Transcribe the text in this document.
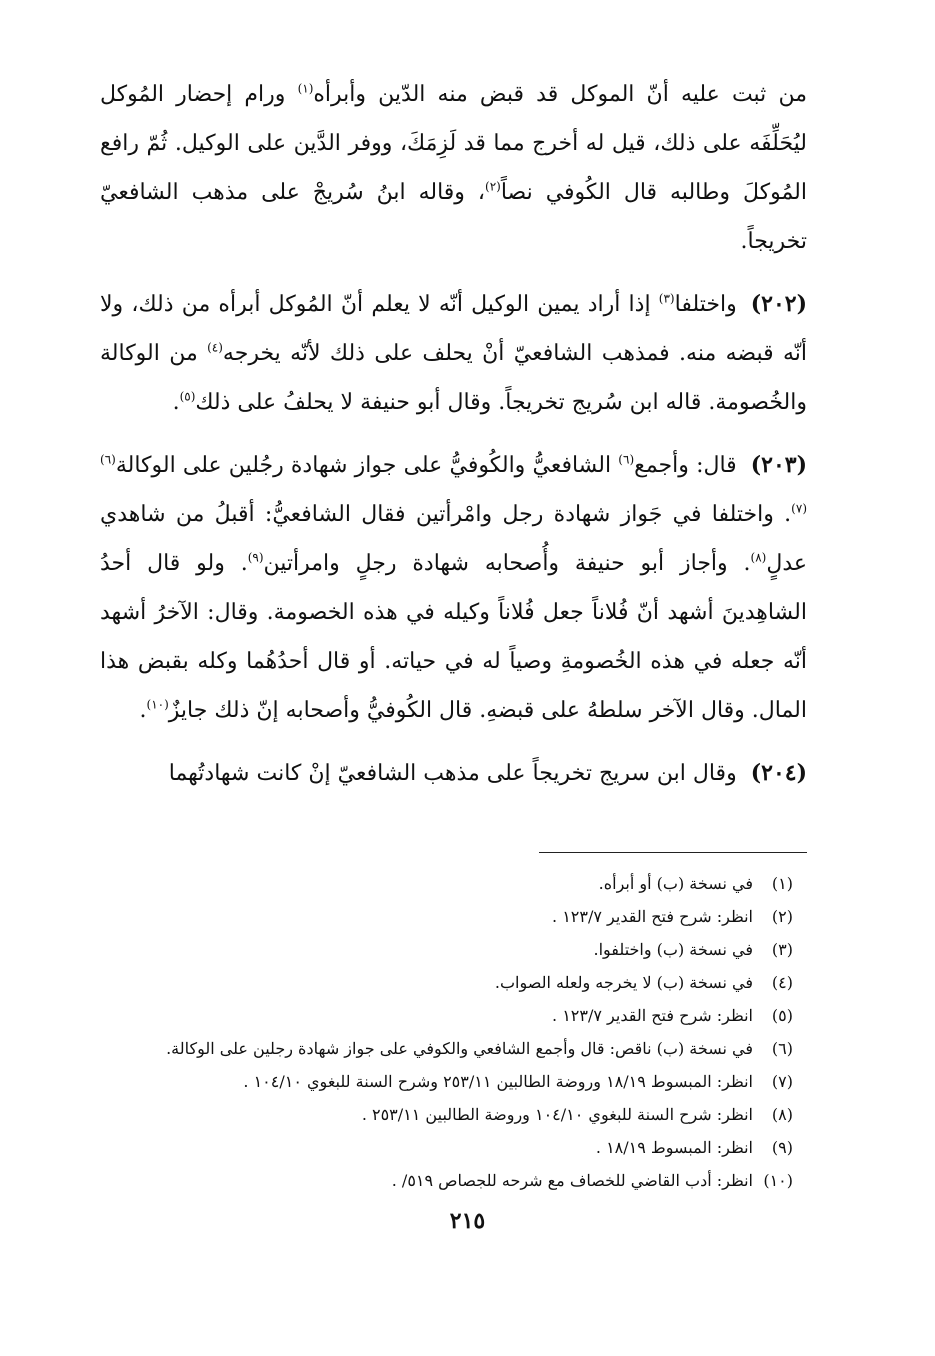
من ثبت عليه أنّ الموكل قد قبض منه الدّين وأبرأه$^{(١)}$ ورام إحضار المُوكل ليُحَلِّفَه على ذلك، قيل له أخرج مما قد لَزِمَكَ، ووفر الدَّين على الوكيل. ثُمّ رافع المُوكلَ وطالبه قال الكُوفي نصاً$^{(٢)}$، وقاله ابنُ سُريجْ على مذهب الشافعيّ تخريجاً.

(٢٠٢)واختلفا$^{(٣)}$ إذا أراد يمين الوكيل أنّه لا يعلم أنّ المُوكل أبرأه من ذلك، ولا أنّه قبضه منه. فمذهب الشافعيّ أنْ يحلف على ذلك لأنّه يخرجه$^{(٤)}$ من الوكالة والخُصومة. قاله ابن سُريج تخريجاً. وقال أبو حنيفة لا يحلفُ على ذلك$^{(٥)}$.

(٢٠٣)قال: وأجمع$^{(٦)}$ الشافعيُّ والكُوفيُّ على جواز شهادة رجُلين على الوكالة$^{(٦) (٧)}$. واختلفا في جَواز شهادة رجل وامْرأتين فقال الشافعيُّ: أقبلُ من شاهدي عدلٍ$^{(٨)}$. وأجاز أبو حنيفة وأُصحابه شهادة رجلٍ وامرأتين$^{(٩)}$. ولو قال أحدُ الشاهِدينَ أشهد أنّ فُلاناً جعل فُلاناً وكيله في هذه الخصومة. وقال: الآخرُ أشهد أنّه جعله في هذه الخُصومةِ وصياً له في حياته. أو قال أحدُهُما وكله بقبض هذا المال. وقال الآخر سلطهُ على قبضهِ. قال الكُوفيُّ وأصحابه إنّ ذلك جايزٌ$^{(١٠)}$.

(٢٠٤)وقال ابن سريج تخريجاً على مذهب الشافعيّ إنْ كانت شهادتُهما

(١)
في نسخة (ب) أو أبرأه.
(٢)
انظر: شرح فتح القدير ١٢٣/٧ .
(٣)
في نسخة (ب) واختلفوا.
(٤)
في نسخة (ب) لا يخرجه ولعله الصواب.
(٥)
انظر: شرح فتح القدير ١٢٣/٧ .
(٦)
في نسخة (ب) ناقص: قال وأجمع الشافعي والكوفي على جواز شهادة رجلين على الوكالة.
(٧)
انظر: المبسوط ١٨/١٩ وروضة الطالبين ٢٥٣/١١ وشرح السنة للبغوي ١٠٤/١٠ .
(٨)
انظر: شرح السنة للبغوي ١٠٤/١٠ وروضة الطالبين ٢٥٣/١١ .
(٩)
انظر: المبسوط ١٨/١٩ .
(١٠)
انظر: أدب القاضي للخصاف مع شرحه للجصاص ٥١٩/ .
٢١٥
